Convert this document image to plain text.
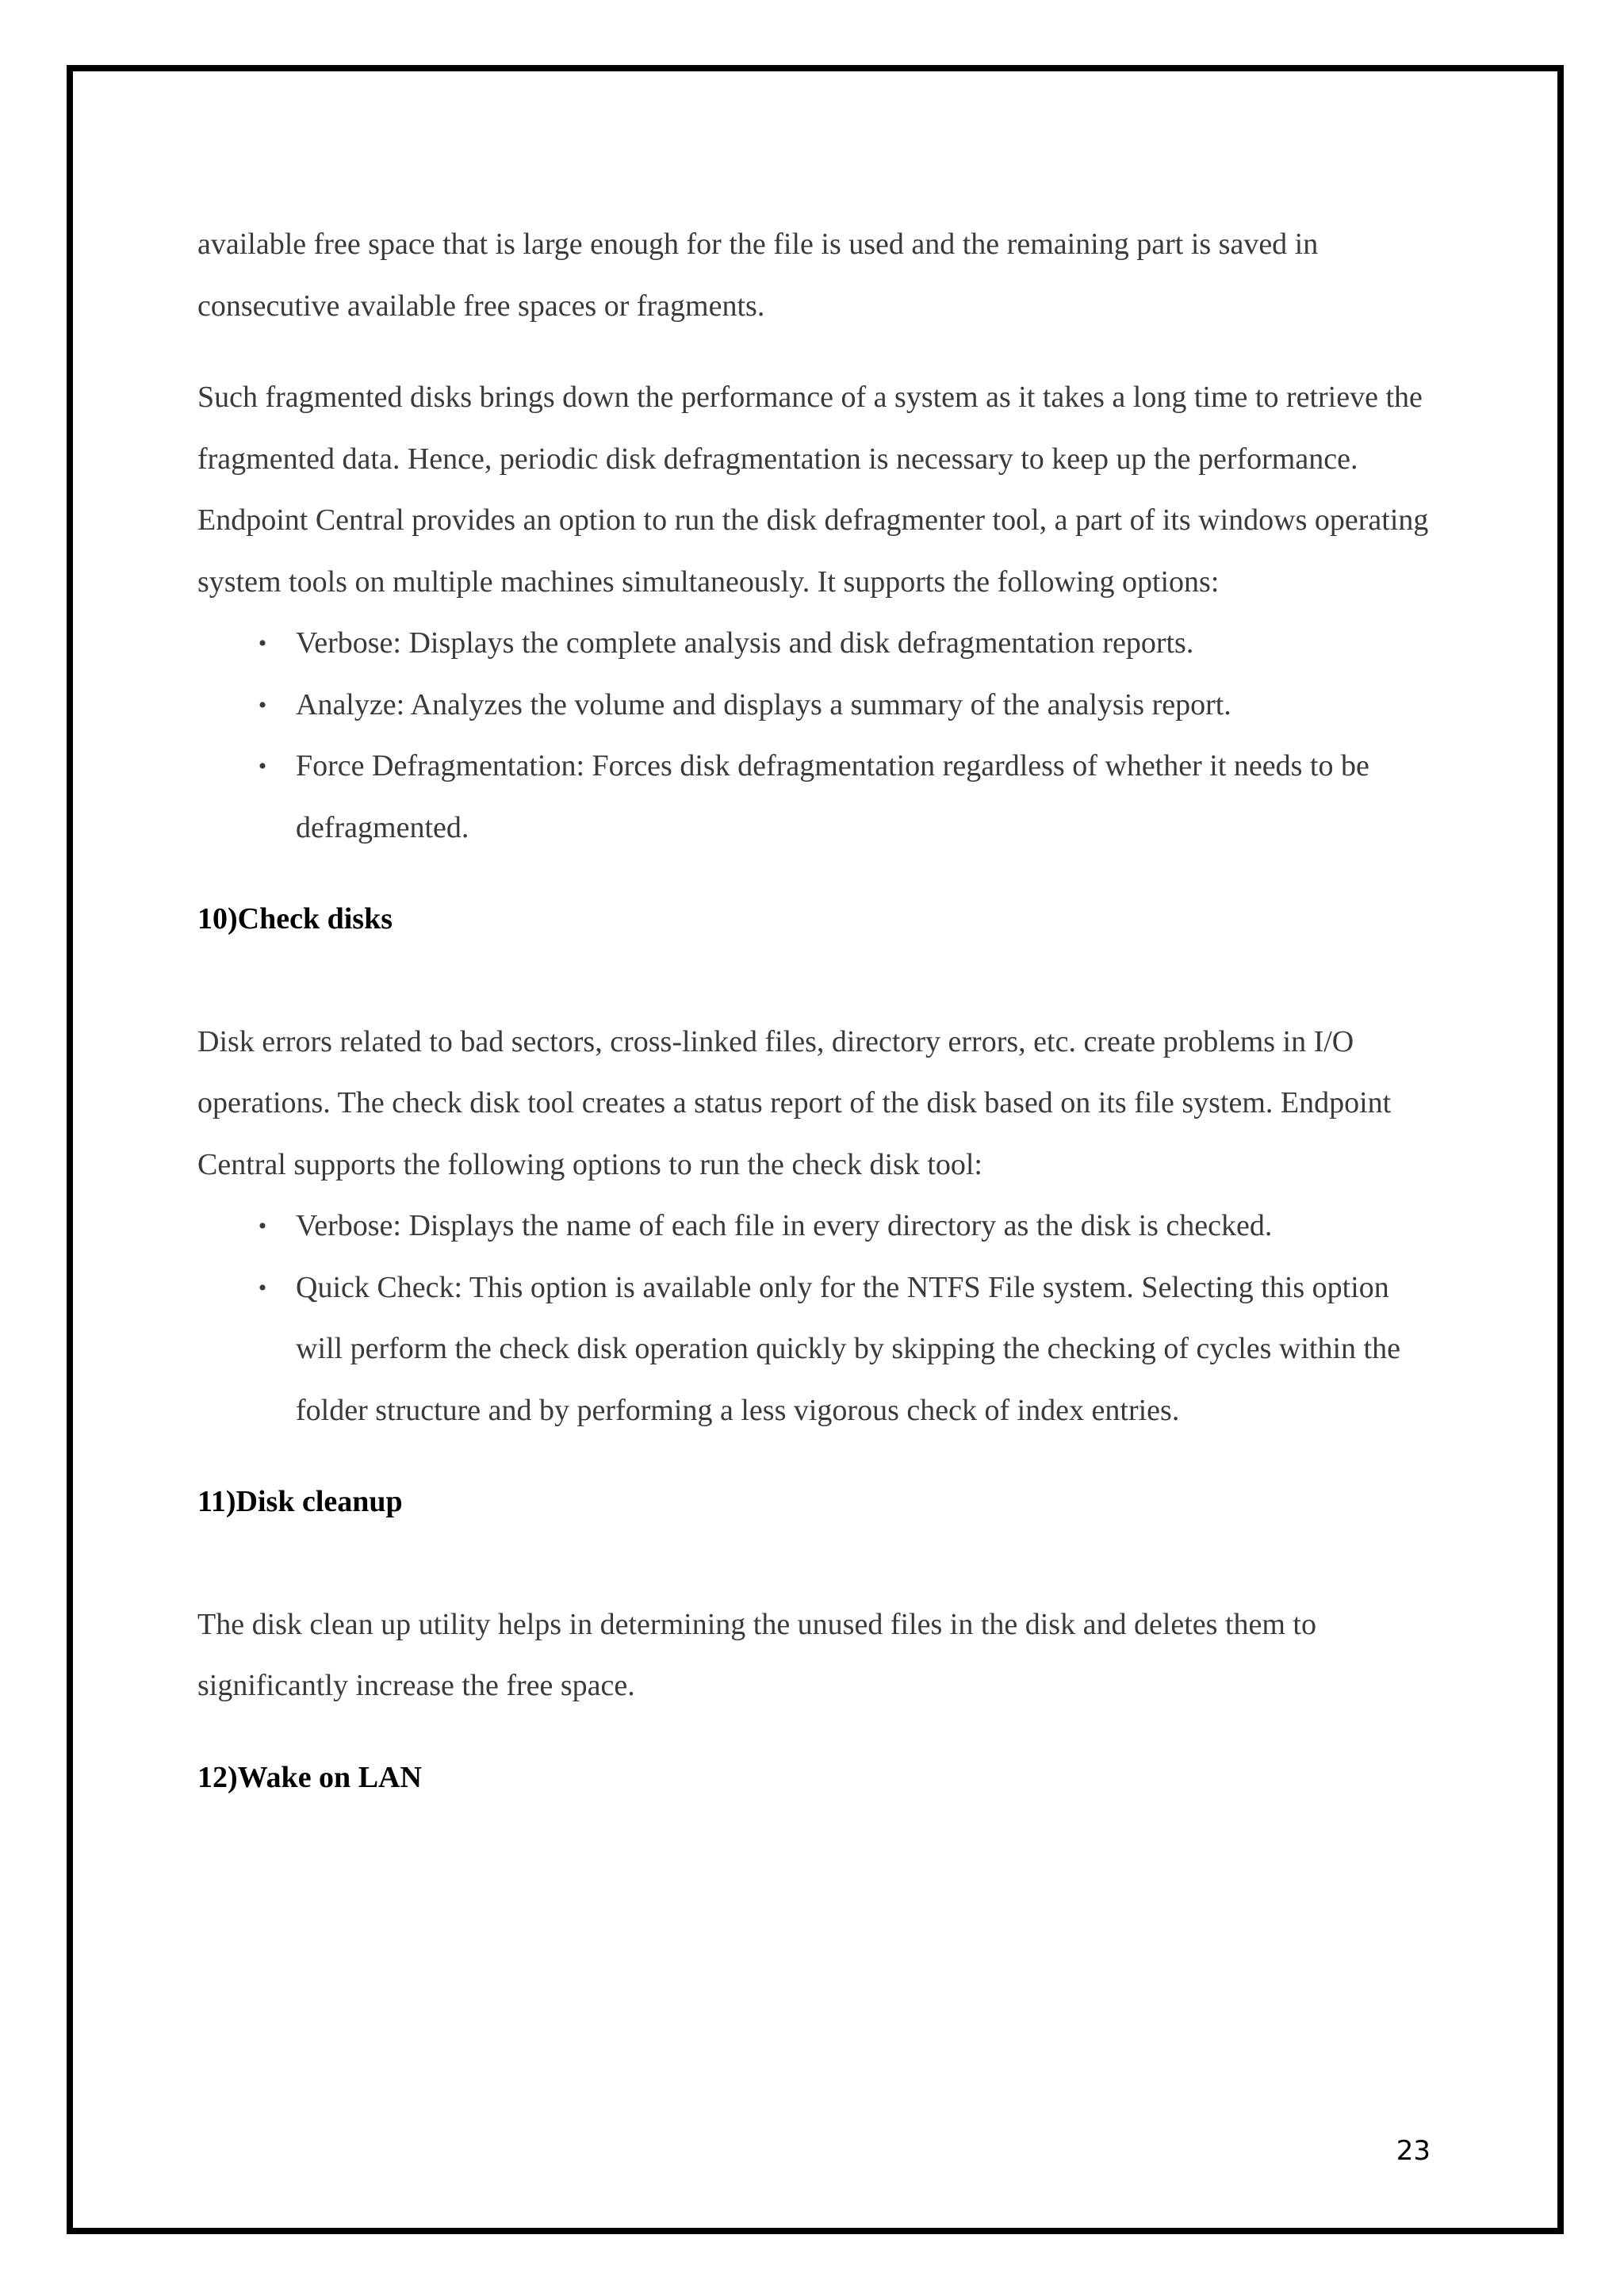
available free space that is large enough for the file is used and the remaining part is saved in consecutive available free spaces or fragments.

Such fragmented disks brings down the performance of a system as it takes a long time to retrieve the fragmented data. Hence, periodic disk defragmentation is necessary to keep up the performance. Endpoint Central provides an option to run the disk defragmenter tool, a part of its windows operating system tools on multiple machines simultaneously. It supports the following options:

• Verbose: Displays the complete analysis and disk defragmentation reports.
• Analyze: Analyzes the volume and displays a summary of the analysis report.
• Force Defragmentation: Forces disk defragmentation regardless of whether it needs to be defragmented.
10)Check disks

Disk errors related to bad sectors, cross-linked files, directory errors, etc. create problems in I/O operations. The check disk tool creates a status report of the disk based on its file system. Endpoint Central supports the following options to run the check disk tool:

• Verbose: Displays the name of each file in every directory as the disk is checked.
• Quick Check: This option is available only for the NTFS File system. Selecting this option will perform the check disk operation quickly by skipping the checking of cycles within the folder structure and by performing a less vigorous check of index entries.
11)Disk cleanup

The disk clean up utility helps in determining the unused files in the disk and deletes them to significantly increase the free space.

12)Wake on LAN
23
